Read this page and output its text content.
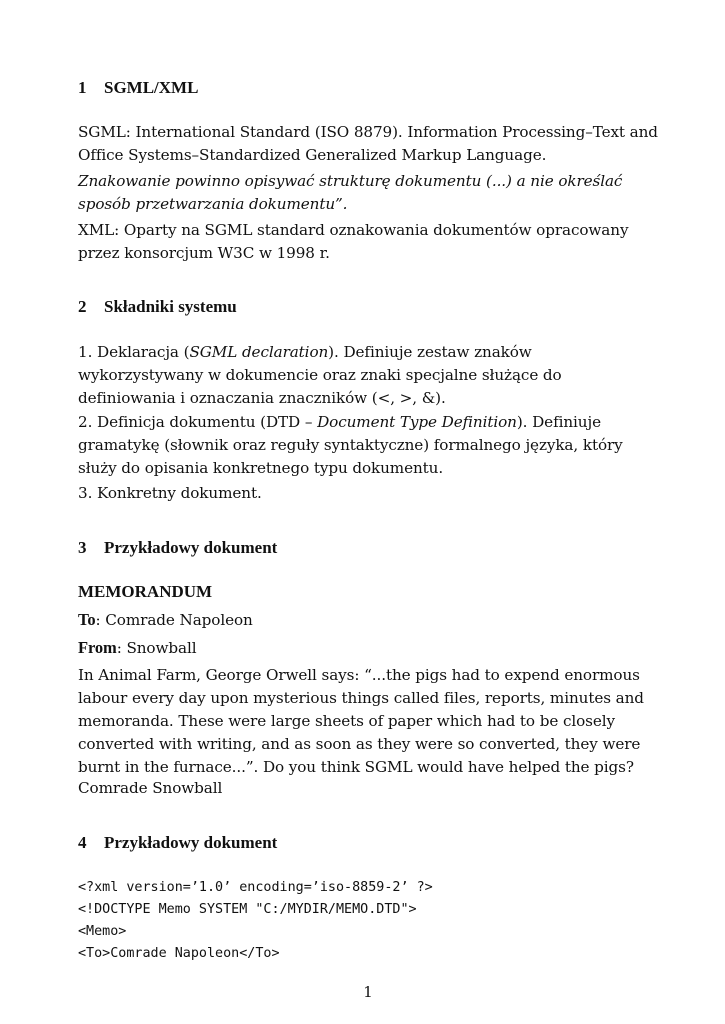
1 SGML/XML

SGML: International Standard (ISO 8879). Information Processing–Text and
Office Systems–Standardized Generalized Markup Language.

Znakowanie powinno opisywać strukturę dokumentu (...) a nie określać
sposób przetwarzania dokumentu”.

XML: Oparty na SGML standard oznakowania dokumentów opracowany
przez konsorcjum W3C w 1998 r.

2 Składniki systemu

1. Deklaracja (SGML declaration). Definiuje zestaw znaków
wykorzystywany w dokumencie oraz znaki specjalne służące do
definiowania i oznaczania znaczników (<, >, &).

2. Definicja dokumentu (DTD – Document Type Definition). Definiuje
gramatykę (słownik oraz reguły syntaktyczne) formalnego języka, który
służy do opisania konkretnego typu dokumentu.

3. Konkretny dokument.

3 Przykładowy dokument
MEMORANDUM

To: Comrade Napoleon

From: Snowball

In Animal Farm, George Orwell says: “...the pigs had to expend enormous
labour every day upon mysterious things called files, reports, minutes and
memoranda. These were large sheets of paper which had to be closely
converted with writing, and as soon as they were so converted, they were
burnt in the furnace...”. Do you think SGML would have helped the pigs?

Comrade Snowball

4 Przykładowy dokument
<?xml version=’1.0’ encoding=’iso-8859-2’ ?>
<!DOCTYPE Memo SYSTEM "C:/MYDIR/MEMO.DTD">
<Memo>
<To>Comrade Napoleon</To>

1
